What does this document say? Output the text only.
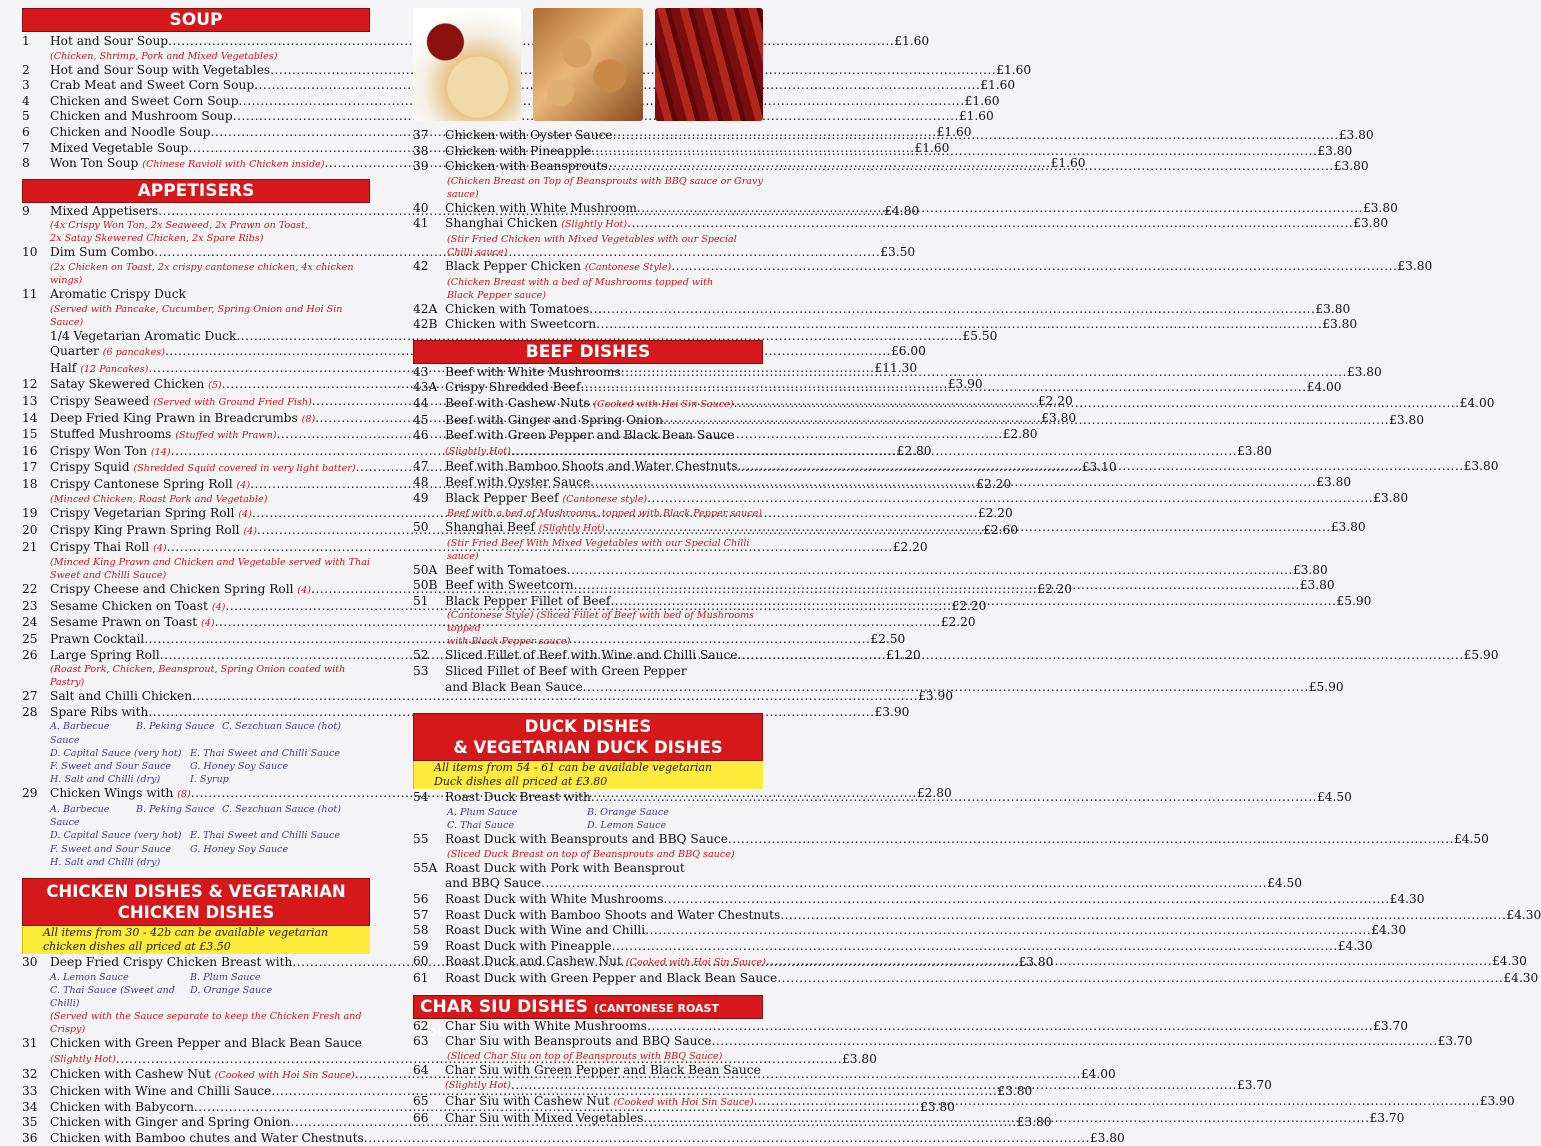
SOUP
1	Hot and Sour Soup .....	£1.60
(Chicken, Shrimp, Pork and Mixed Vegetables)
2	Hot and Sour Soup with Vegetables .....	£1.60
3	Crab Meat and Sweet Corn Soup .....	£1.60
4	Chicken and Sweet Corn Soup .....	£1.60
5	Chicken and Mushroom Soup .....	£1.60
6	Chicken and Noodle Soup .....	£1.60
7	Mixed Vegetable Soup .....	£1.60
8	Won Ton Soup (Chinese Ravioli with Chicken inside) .....	£1.60
APPETISERS
9	Mixed Appetisers .....	£4.80
(4x Crispy Won Ton, 2x Seaweed, 2x Prawn on Toast,
2x Satay Skewered Chicken, 2x Spare Ribs)
10	Dim Sum Combo .....	£3.50
(2x Chicken on Toast, 2x crispy cantonese chicken, 4x chicken wings)
11	Aromatic Crispy Duck
(Served with Pancake, Cucumber, Spring Onion and Hoi Sin Sauce)
1/4 Vegetarian Aromatic Duck .....	£5.50
Quarter (6 pancakes) .....	£6.00
Half (12 Pancakes) .....	£11.30
12	Satay Skewered Chicken (5) .....	£3.90
13	Crispy Seaweed (Served with Ground Fried Fish) .....	£2.20
14	Deep Fried King Prawn in Breadcrumbs (8) .....	£3.80
15	Stuffed Mushrooms (Stuffed with Prawn) .....	£2.80
16	Crispy Won Ton (14) .....	£2.80
17	Crispy Squid (Shredded Squid covered in very light batter) .....	£3.10
18	Crispy Cantonese Spring Roll (4) .....	£2.20
(Minced Chicken, Roast Pork and Vegetable)
19	Crispy Vegetarian Spring Roll (4) .....	£2.20
20	Crispy King Prawn Spring Roll (4) .....	£2.60
21	Crispy Thai Roll (4) .....	£2.20
(Minced King Prawn and Chicken and Vegetable served with Thai
Sweet and Chilli Sauce)
22	Crispy Cheese and Chicken Spring Roll (4) .....	£2.20
23	Sesame Chicken on Toast (4) .....	£2.20
24	Sesame Prawn on Toast (4) .....	£2.20
25	Prawn Cocktail .....	£2.50
26	Large Spring Roll .....	£1.20
(Roast Pork, Chicken, Beansprout, Spring Onion coated with Pastry)
27	Salt and Chilli Chicken .....	£3.90
28	Spare Ribs with .....	£3.90
A. Barbecue Sauce
B. Peking Sauce C. Sezchuan Sauce (hot)
D. Capital Sauce (very hot) E. Thai Sweet and Chilli Sauce
F. Sweet and Sour Sauce	G. Honey Soy Sauce
H. Salt and Chilli (dry)	I. Syrup
29	Chicken Wings with (8) .....	£2.80
A. Barbecue Sauce
B. Peking Sauce C. Sezchuan Sauce (hot)
D. Capital Sauce (very hot) E. Thai Sweet and Chilli Sauce
F. Sweet and Sour Sauce	G. Honey Soy Sauce
H. Salt and Chilli (dry)
CHICKEN DISHES & VEGETARIAN
CHICKEN DISHES
All items from 30 - 42b can be available vegetarian
chicken dishes all priced at £3.50
30	Deep Fried Crispy Chicken Breast with .....	£3.80
A. Lemon Sauce	B. Plum Sauce
C. Thai Sauce (Sweet and Chilli)
D. Orange Sauce
(Served with the Sauce separate to keep the Chicken Fresh and Crispy)
31	Chicken with Green Pepper and Black Bean Sauce
(Slightly Hot) .....	£3.80
32	Chicken with Cashew Nut (Cooked with Hoi Sin Sauce) .....	£4.00
33	Chicken with Wine and Chilli Sauce .....	£3.80
34	Chicken with Babycorn .....	£3.80
35	Chicken with Ginger and Spring Onion .....	£3.80
36	Chicken with Bamboo chutes and Water Chestnuts .....	£3.80
37	Chicken with Oyster Sauce .....	£3.80
38	Chicken with Pineapple .....	£3.80
39	Chicken with Beansprouts .....	£3.80
(Chicken Breast on Top of Beansprouts with BBQ sauce or Gravy sauce)
40	Chicken with White Mushroom .....	£3.80
41	Shanghai Chicken (Slightly Hot) .....	£3.80
(Stir Fried Chicken with Mixed Vegetables with our Special
Chilli sauce)
42	Black Pepper Chicken (Cantonese Style) .....	£3.80
(Chicken Breast with a bed of Mushrooms topped with
Black Pepper sauce)
42A Chicken with Tomatoes .....	£3.80
42B Chicken with Sweetcorn .....	£3.80
BEEF DISHES
43	Beef with White Mushrooms .....	£3.80
43A Crispy Shredded Beef .....	£4.00
44	Beef with Cashew Nuts (Cooked with Hoi Sin Sauce) .....	£4.00
45	Beef with Ginger and Spring Onion .....	£3.80
46	Beef with Green Pepper and Black Bean Sauce
(Slightly Hot) .....	£3.80
47	Beef with Bamboo Shoots and Water Chestnuts .....	£3.80
48	Beef with Oyster Sauce .....	£3.80
49	Black Pepper Beef (Cantonese style) .....	£3.80
Beef with a bed of Mushrooms, topped with Black Pepper sauce)
50	Shanghai Beef (Slightly Hot) .....	£3.80
(Stir Fried Beef With Mixed Vegetables with our Special Chilli sauce)
50A Beef with Tomatoes .....	£3.80
50B Beef with Sweetcorn .....	£3.80
51	Black Pepper Fillet of Beef .....	£5.90
(Cantonese Style) (Sliced Fillet of Beef with bed of Mushrooms topped
with Black Pepper sauce)
52	Sliced Fillet of Beef with Wine and Chilli Sauce .....	£5.90
53	Sliced Fillet of Beef with Green Pepper
and Black Bean Sauce .....	£5.90
DUCK DISHES
& VEGETARIAN DUCK DISHES
All items from 54 - 61 can be available vegetarian
Duck dishes all priced at £3.80
54	Roast Duck Breast with .....	£4.50
A. Plum Sauce	B. Orange Sauce
C. Thai Sauce	D. Lemon Sauce
55	Roast Duck with Beansprouts and BBQ Sauce .....	£4.50
(Sliced Duck Breast on top of Beansprouts and BBQ sauce)
55A Roast Duck with Pork with Beansprout
and BBQ Sauce .....	£4.50
56	Roast Duck with White Mushrooms .....	£4.30
57	Roast Duck with Bamboo Shoots and Water Chestnuts .....	£4.30
58	Roast Duck with Wine and Chilli .....	£4.30
59	Roast Duck with Pineapple .....	£4.30
60	Roast Duck and Cashew Nut (Cooked with Hoi Sin Sauce) .....	£4.30
61	Roast Duck with Green Pepper and Black Bean Sauce .....	£4.30
CHAR SIU DISHES (CANTONESE ROAST PORK)
62	Char Siu with White Mushrooms .....	£3.70
63	Char Siu with Beansprouts and BBQ Sauce .....	£3.70
(Sliced Char Siu on top of Beansprouts with BBQ Sauce)
64	Char Siu with Green Pepper and Black Bean Sauce
(Slightly Hot) .....	£3.70
65	Char Siu with Cashew Nut (Cooked with Hoi Sin Sauce) .....	£3.90
66	Char Siu with Mixed Vegetables .....	£3.70
